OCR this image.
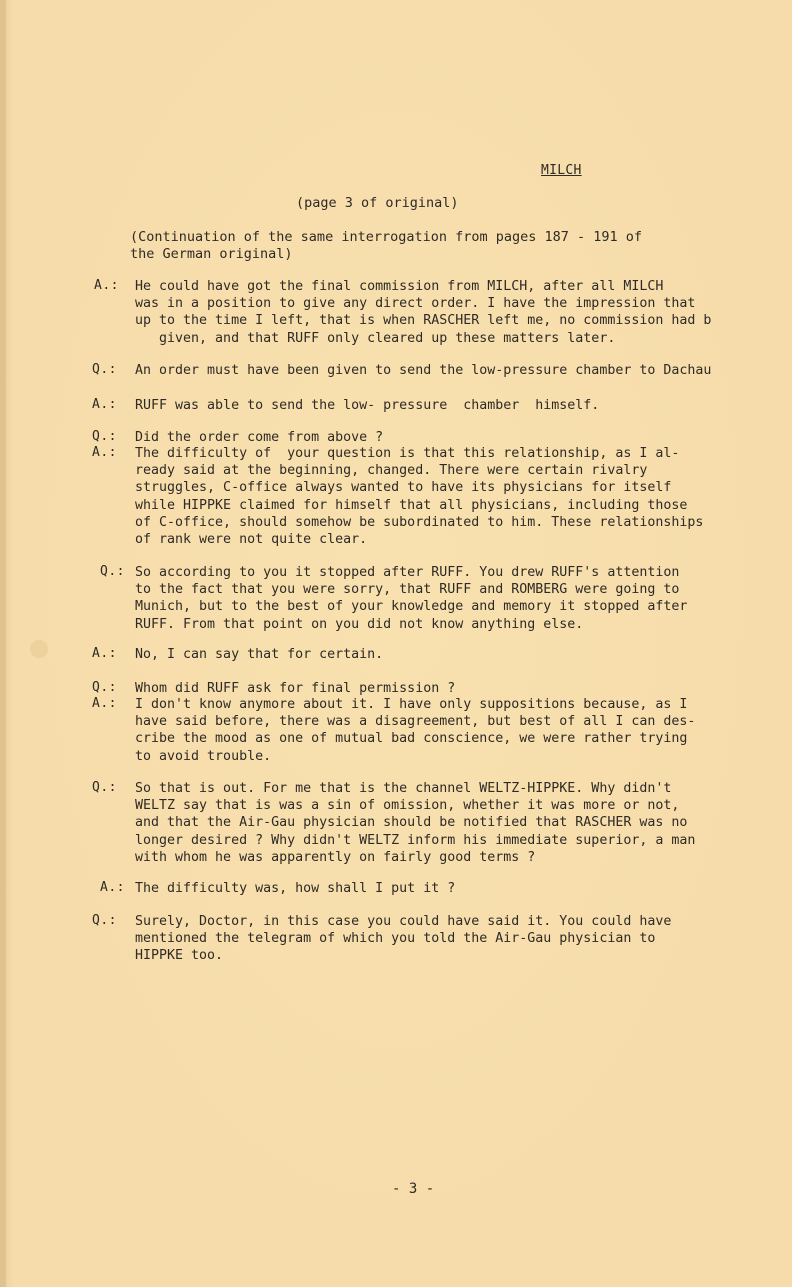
MILCH
(page 3 of original)
(Continuation of the same interrogation from pages 187 - 191 of
the German original)
A.: He could have got the final commission from MILCH, after all MILCH
was in a position to give any direct order. I have the impression that
up to the time I left, that is when RASCHER left me, no commission had b
given, and that RUFF only cleared up these matters later.
Q.: An order must have been given to send the low-pressure chamber to Dachau
A.: RUFF was able to send the low- pressure  chamber  himself.
Q.: Did the order come from above ?
A.: The difficulty of  your question is that this relationship, as I al-
ready said at the beginning, changed. There were certain rivalry
struggles, C-office always wanted to have its physicians for itself
while HIPPKE claimed for himself that all physicians, including those
of C-office, should somehow be subordinated to him. These relationships
of rank were not quite clear.
Q.: So according to you it stopped after RUFF. You drew RUFF's attention
to the fact that you were sorry, that RUFF and ROMBERG were going to
Munich, but to the best of your knowledge and memory it stopped after
RUFF. From that point on you did not know anything else.
A.: No, I can say that for certain.
Q.: Whom did RUFF ask for final permission ?
A.: I don't know anymore about it. I have only suppositions because, as I
have said before, there was a disagreement, but best of all I can des-
cribe the mood as one of mutual bad conscience, we were rather trying
to avoid trouble.
Q.: So that is out. For me that is the channel WELTZ-HIPPKE. Why didn't
WELTZ say that is was a sin of omission, whether it was more or not,
and that the Air-Gau physician should be notified that RASCHER was no
longer desired ? Why didn't WELTZ inform his immediate superior, a man
with whom he was apparently on fairly good terms ?
A.: The difficulty was, how shall I put it ?
Q.: Surely, Doctor, in this case you could have said it. You could have
mentioned the telegram of which you told the Air-Gau physician to
HIPPKE too.
- 3 -
